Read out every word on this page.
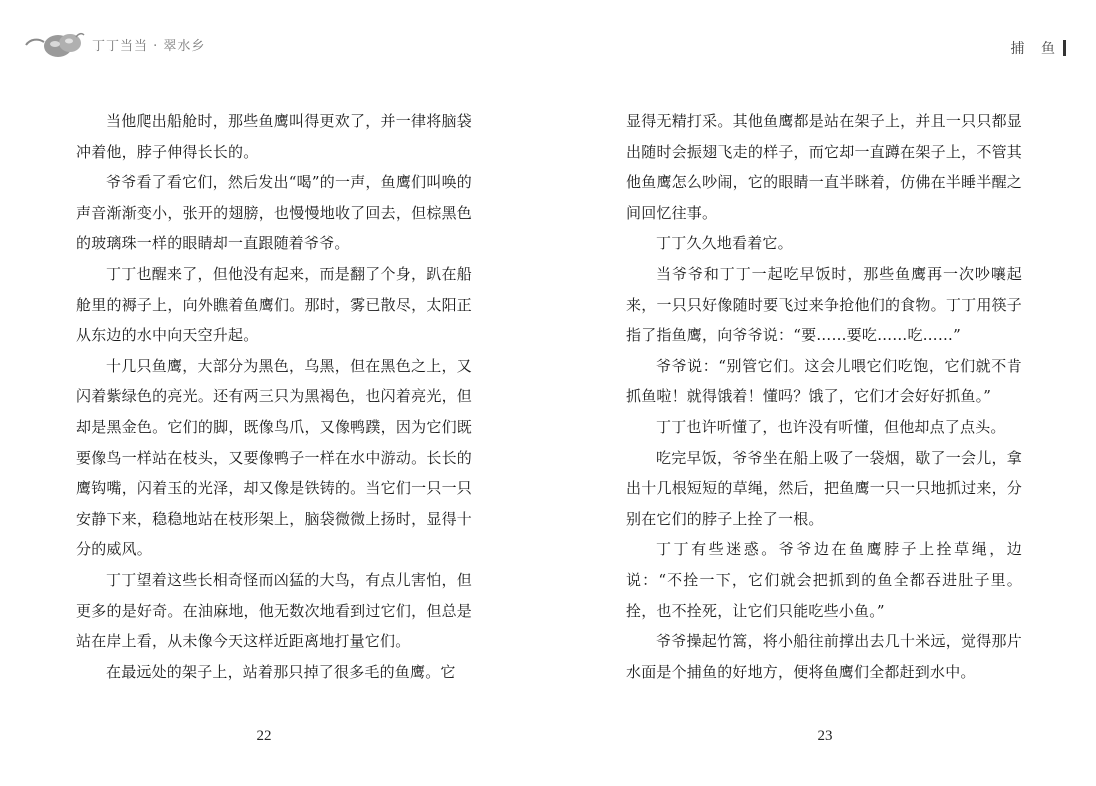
丁丁当当 · 翠水乡

当他爬出船舱时，那些鱼鹰叫得更欢了，并一律将脑袋冲着他，脖子伸得长长的。

爷爷看了看它们，然后发出“喝”的一声，鱼鹰们叫唤的声音渐渐变小，张开的翅膀，也慢慢地收了回去，但棕黑色的玻璃珠一样的眼睛却一直跟随着爷爷。

丁丁也醒来了，但他没有起来，而是翻了个身，趴在船舱里的褥子上，向外瞧着鱼鹰们。那时，雾已散尽，太阳正从东边的水中向天空升起。

十几只鱼鹰，大部分为黑色，乌黑，但在黑色之上，又闪着紫绿色的亮光。还有两三只为黑褐色，也闪着亮光，但却是黑金色。它们的脚，既像鸟爪，又像鸭蹼，因为它们既要像鸟一样站在枝头，又要像鸭子一样在水中游动。长长的鹰钩嘴，闪着玉的光泽，却又像是铁铸的。当它们一只一只安静下来，稳稳地站在枝形架上，脑袋微微上扬时，显得十分的威风。

丁丁望着这些长相奇怪而凶猛的大鸟，有点儿害怕，但更多的是好奇。在油麻地，他无数次地看到过它们，但总是站在岸上看，从未像今天这样近距离地打量它们。

在最远处的架子上，站着那只掉了很多毛的鱼鹰。它

22
捕 鱼

显得无精打采。其他鱼鹰都是站在架子上，并且一只只都显出随时会振翅飞走的样子，而它却一直蹲在架子上，不管其他鱼鹰怎么吵闹，它的眼睛一直半眯着，仿佛在半睡半醒之间回忆往事。

丁丁久久地看着它。

当爷爷和丁丁一起吃早饭时，那些鱼鹰再一次吵嚷起来，一只只好像随时要飞过来争抢他们的食物。丁丁用筷子指了指鱼鹰，向爷爷说：“要……要吃……吃……”

爷爷说：“别管它们。这会儿喂它们吃饱，它们就不肯抓鱼啦！就得饿着！懂吗？饿了，它们才会好好抓鱼。”

丁丁也许听懂了，也许没有听懂，但他却点了点头。

吃完早饭，爷爷坐在船上吸了一袋烟，歇了一会儿，拿出十几根短短的草绳，然后，把鱼鹰一只一只地抓过来，分别在它们的脖子上拴了一根。

丁丁有些迷惑。爷爷边在鱼鹰脖子上拴草绳，边说：“不拴一下，它们就会把抓到的鱼全都吞进肚子里。拴，也不拴死，让它们只能吃些小鱼。”

爷爷操起竹篙，将小船往前撑出去几十米远，觉得那片水面是个捕鱼的好地方，便将鱼鹰们全都赶到水中。

23
